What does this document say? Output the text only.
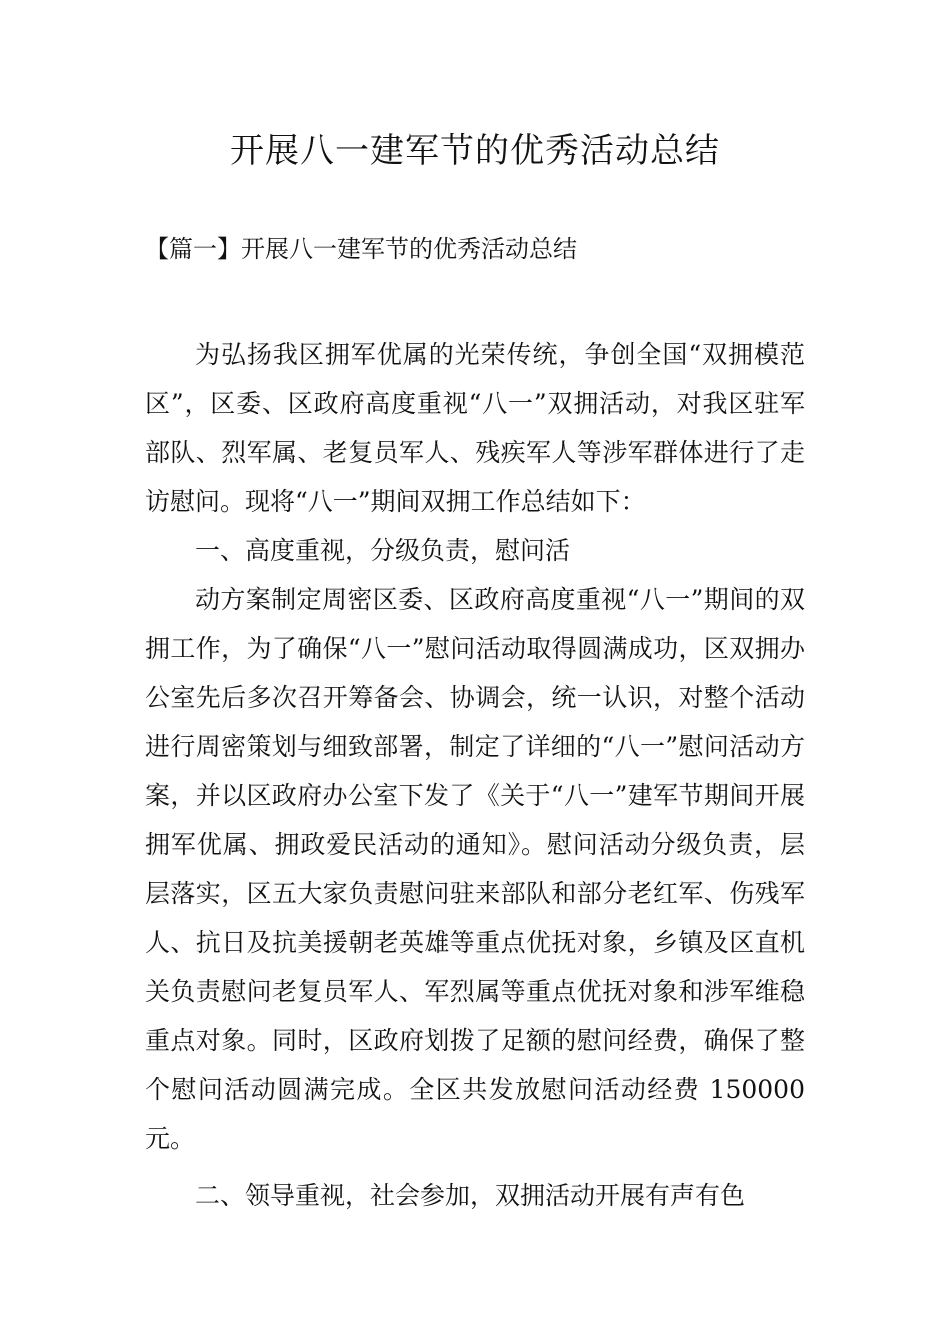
开展八一建军节的优秀活动总结
【篇一】开展八一建军节的优秀活动总结

为弘扬我区拥军优属的光荣传统，争创全国“双拥模范区”，区委、区政府高度重视“八一”双拥活动，对我区驻军部队、烈军属、老复员军人、残疾军人等涉军群体进行了走访慰问。现将“八一”期间双拥工作总结如下：

一、高度重视，分级负责，慰问活

动方案制定周密区委、区政府高度重视“八一”期间的双拥工作，为了确保“八一”慰问活动取得圆满成功，区双拥办公室先后多次召开筹备会、协调会，统一认识，对整个活动进行周密策划与细致部署，制定了详细的“八一”慰问活动方案，并以区政府办公室下发了《关于“八一”建军节期间开展拥军优属、拥政爱民活动的通知》。慰问活动分级负责，层层落实，区五大家负责慰问驻来部队和部分老红军、伤残军人、抗日及抗美援朝老英雄等重点优抚对象，乡镇及区直机关负责慰问老复员军人、军烈属等重点优抚对象和涉军维稳重点对象。同时，区政府划拨了足额的慰问经费，确保了整个慰问活动圆满完成。全区共发放慰问活动经费 150000 元。

二、领导重视，社会参加，双拥活动开展有声有色
